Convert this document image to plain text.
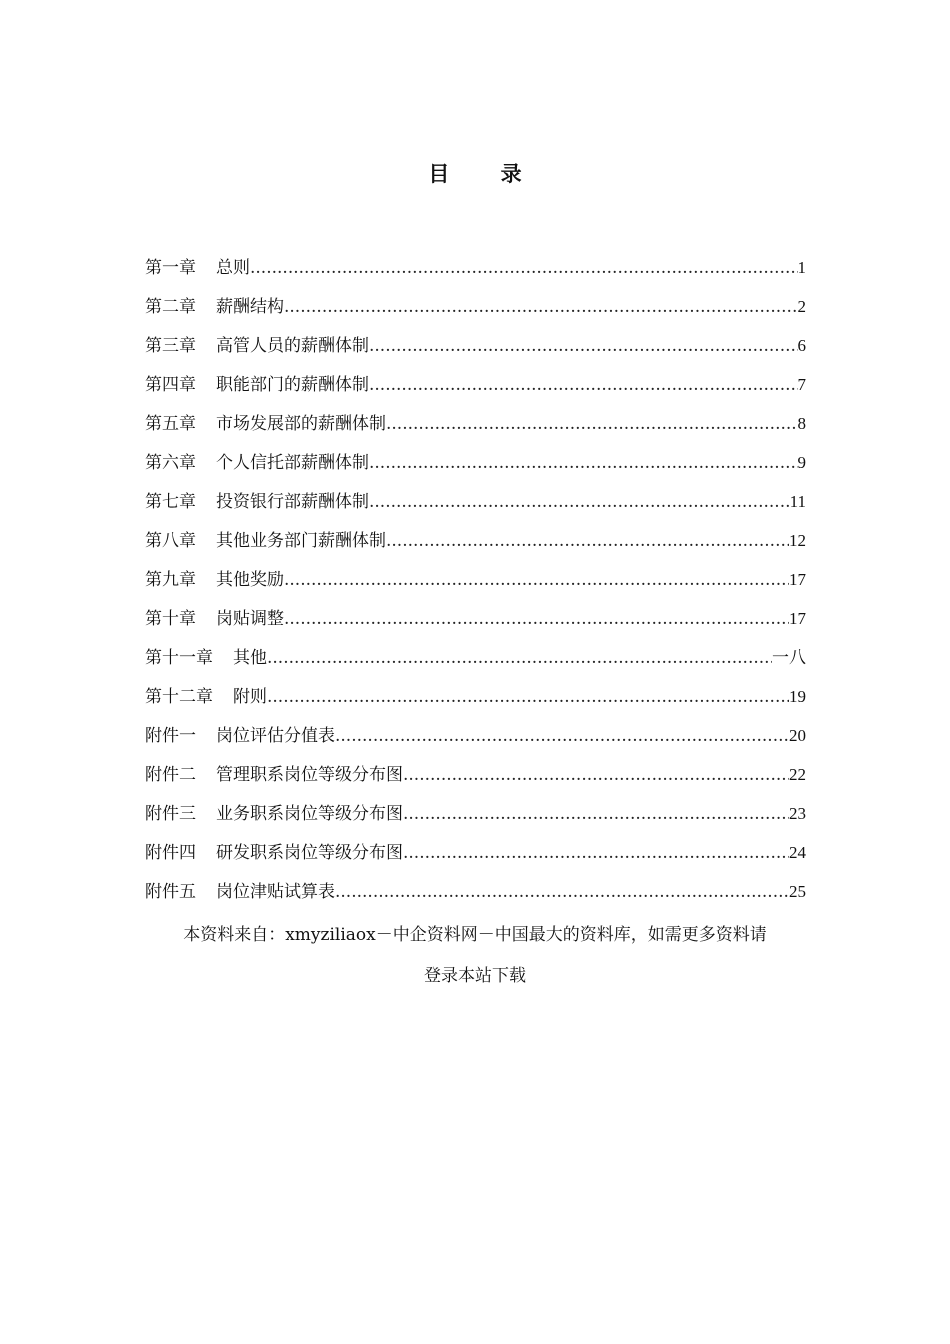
目 录
第一章	总则 .....	1
第二章	薪酬结构 .....	2
第三章	高管人员的薪酬体制 .....	6
第四章	职能部门的薪酬体制 .....	7
第五章	市场发展部的薪酬体制 .....	8
第六章	个人信托部薪酬体制 .....	9
第七章	投资银行部薪酬体制 .....	11
第八章	其他业务部门薪酬体制 .....	12
第九章	其他奖励 .....	17
第十章	岗贴调整 .....	17
第十一章	其他 .....	一八
第十二章	附则 .....	19
附件一	岗位评估分值表 .....	20
附件二	管理职系岗位等级分布图 .....	22
附件三	业务职系岗位等级分布图 .....	23
附件四	研发职系岗位等级分布图 .....	24
附件五	岗位津贴试算表 .....	25
本资料来自：xmyziliaox－中企资料网－中国最大的资料库，如需更多资料请
登录本站下载
